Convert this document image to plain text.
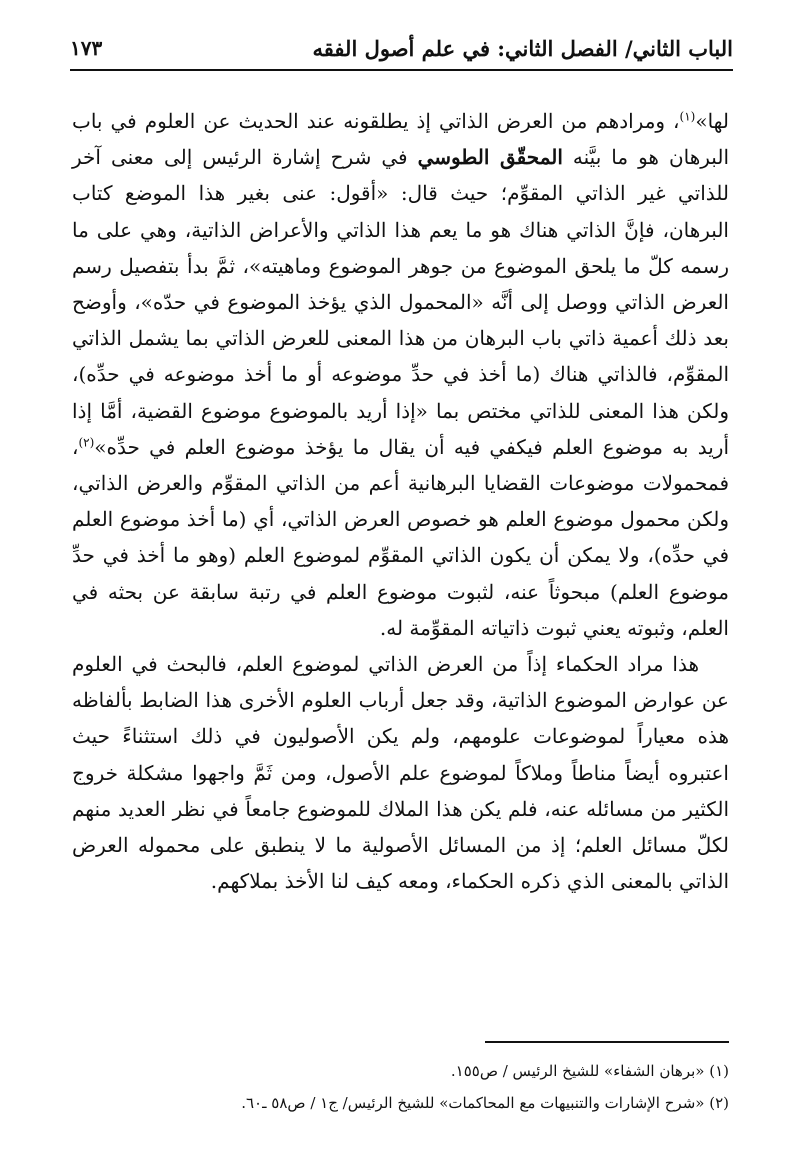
الباب الثاني/ الفصل الثاني: في علم أصول الفقه
١٧٣

لها»$^{(١)}$، ومرادهم من العرض الذاتي إذ يطلقونه عند الحديث عن العلوم في باب البرهان هو ما بيَّنه المحقّق الطوسي في شرح إشارة الرئيس إلى معنى آخر للذاتي غير الذاتي المقوِّم؛ حيث قال: «أقول: عنى بغير هذا الموضع كتاب البرهان، فإنَّ الذاتي هناك هو ما يعم هذا الذاتي والأعراض الذاتية، وهي على ما رسمه كلّ ما يلحق الموضوع من جوهر الموضوع وماهيته»، ثمَّ بدأ بتفصيل رسم العرض الذاتي ووصل إلى أنَّه «المحمول الذي يؤخذ الموضوع في حدّه»، وأوضح بعد ذلك أعمية ذاتي باب البرهان من هذا المعنى للعرض الذاتي بما يشمل الذاتي المقوِّم، فالذاتي هناك (ما أخذ في حدِّ موضوعه أو ما أخذ موضوعه في حدِّه)، ولكن هذا المعنى للذاتي مختص بما «إذا أريد بالموضوع موضوع القضية، أمَّا إذا أريد به موضوع العلم فيكفي فيه أن يقال ما يؤخذ موضوع العلم في حدِّه»$^{(٢)}$، فمحمولات موضوعات القضايا البرهانية أعم من الذاتي المقوِّم والعرض الذاتي، ولكن محمول موضوع العلم هو خصوص العرض الذاتي، أي (ما أخذ موضوع العلم في حدِّه)، ولا يمكن أن يكون الذاتي المقوِّم لموضوع العلم (وهو ما أخذ في حدِّ موضوع العلم) مبحوثاً عنه، لثبوت موضوع العلم في رتبة سابقة عن بحثه في العلم، وثبوته يعني ثبوت ذاتياته المقوِّمة له.

هذا مراد الحكماء إذاً من العرض الذاتي لموضوع العلم، فالبحث في العلوم عن عوارض الموضوع الذاتية، وقد جعل أرباب العلوم الأخرى هذا الضابط بألفاظه هذه معياراً لموضوعات علومهم، ولم يكن الأصوليون في ذلك استثناءً حيث اعتبروه أيضاً مناطاً وملاكاً لموضوع علم الأصول، ومن ثَمَّ واجهوا مشكلة خروج الكثير من مسائله عنه، فلم يكن هذا الملاك للموضوع جامعاً في نظر العديد منهم لكلّ مسائل العلم؛ إذ من المسائل الأصولية ما لا ينطبق على محموله العرض الذاتي بالمعنى الذي ذكره الحكماء، ومعه كيف لنا الأخذ بملاكهم.

(١) «برهان الشفاء» للشيخ الرئيس / ص١٥٥.
(٢) «شرح الإشارات والتنبيهات مع المحاكمات» للشيخ الرئيس/ ج١ / ص٥٨ ـ٦٠.
